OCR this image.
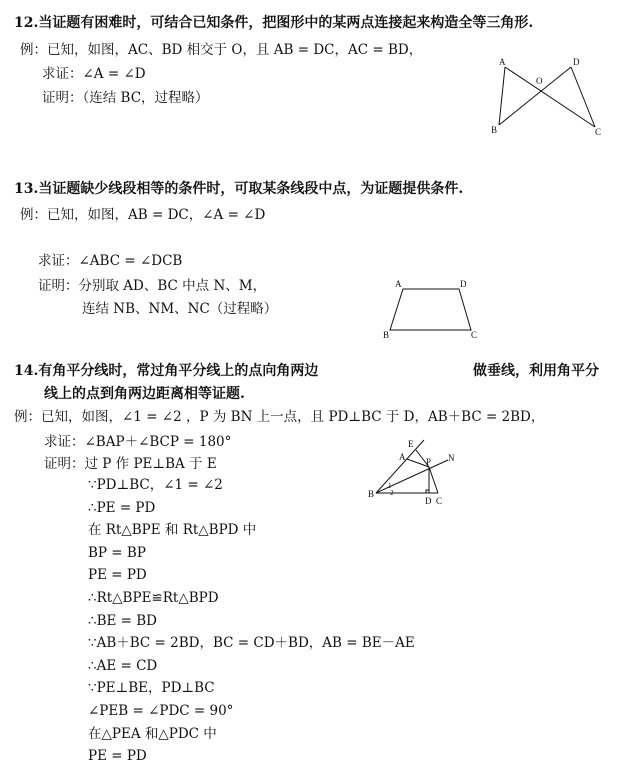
12.当证题有困难时，可结合已知条件，把图形中的某两点连接起来构造全等三角形.
例：已知，如图，AC、BD 相交于 O，且 AB = DC，AC = BD，
求证：∠A = ∠D
证明：（连结 BC，过程略）
A	D
O
B	C
13.当证题缺少线段相等的条件时，可取某条线段中点，为证题提供条件.
例：已知，如图，AB = DC，∠A = ∠D
求证：∠ABC = ∠DCB
证明：分别取 AD、BC 中点 N、M，
连结 NB、NM、NC（过程略）
A	D
B	C
14.有角平分线时，常过角平分线上的点向角两边	做垂线，利用角平分
线上的点到角两边距离相等证题.
例：已知，如图，∠1 = ∠2 ，P 为 BN 上一点，且 PD⊥BC 于 D，AB＋BC = 2BD，
求证：∠BAP＋∠BCP = 180°
证明：过 P 作 PE⊥BA 于 E
∵PD⊥BC，∠1 = ∠2
∴PE = PD
在 Rt△BPE 和 Rt△BPD 中
BP = BP
PE = PD
∴Rt△BPE≌Rt△BPD
∴BE = BD
∵AB＋BC = 2BD，BC = CD＋BD，AB = BE－AE
∴AE = CD
∵PE⊥BE，PD⊥BC
∠PEB = ∠PDC = 90°
在△PEA 和△PDC 中
PE = PD
E
A P N
B
1
2
D C
